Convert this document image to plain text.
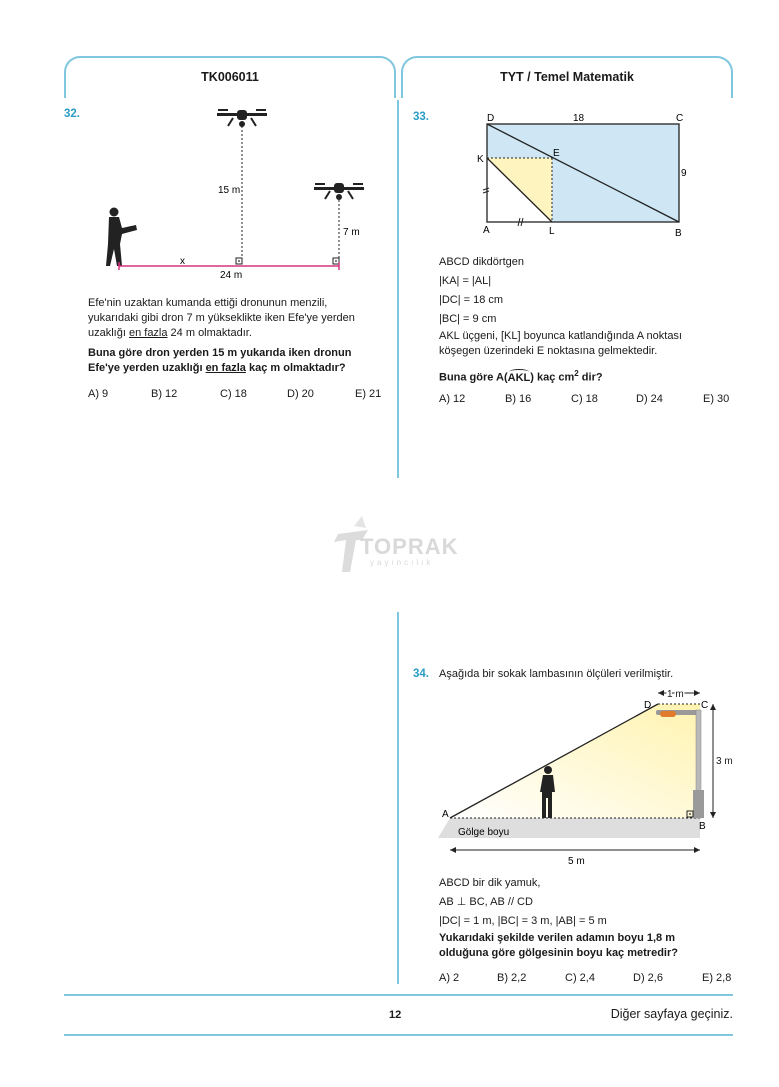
TK006011	TYT / Temel Matematik
32.
15 m
7 m
x
24 m
Efe'nin uzaktan kumanda ettiği dronunun menzili,
yukarıdaki gibi dron 7 m yükseklikte iken Efe'ye yerden
uzaklığı en fazla 24 m olmaktadır.
Buna göre dron yerden 15 m yukarıda iken dronun
Efe'ye yerden uzaklığı en fazla kaç m olmaktadır?
A) 9	B) 12	C) 18	D) 20	E) 21
33.	D	C
18
K
E
9
A	L	B
ABCD dikdörtgen
|KA| = |AL|
|DC| = 18 cm
|BC| = 9 cm
AKL üçgeni, [KL] boyunca katlandığında A noktası
köşegen üzerindeki E noktasına gelmektedir.
Buna göre A(AKL
) kaç $cm^2$ dir?
A) 12	B) 16	C) 18	D) 24	E) 30
TOPRAK
yayıncılık
34. Aşağıda bir sokak lambasının ölçüleri verilmiştir.
1 m
D	C
3 m
A
B
Gölge boyu
5 m
ABCD bir dik yamuk,
AB ⊥ BC, AB // CD
|DC| = 1 m, |BC| = 3 m, |AB| = 5 m
Yukarıdaki şekilde verilen adamın boyu 1,8 m
olduğuna göre gölgesinin boyu kaç metredir?
A) 2	B) 2,2	C) 2,4	D) 2,6	E) 2,8
12	Diğer sayfaya geçiniz.
